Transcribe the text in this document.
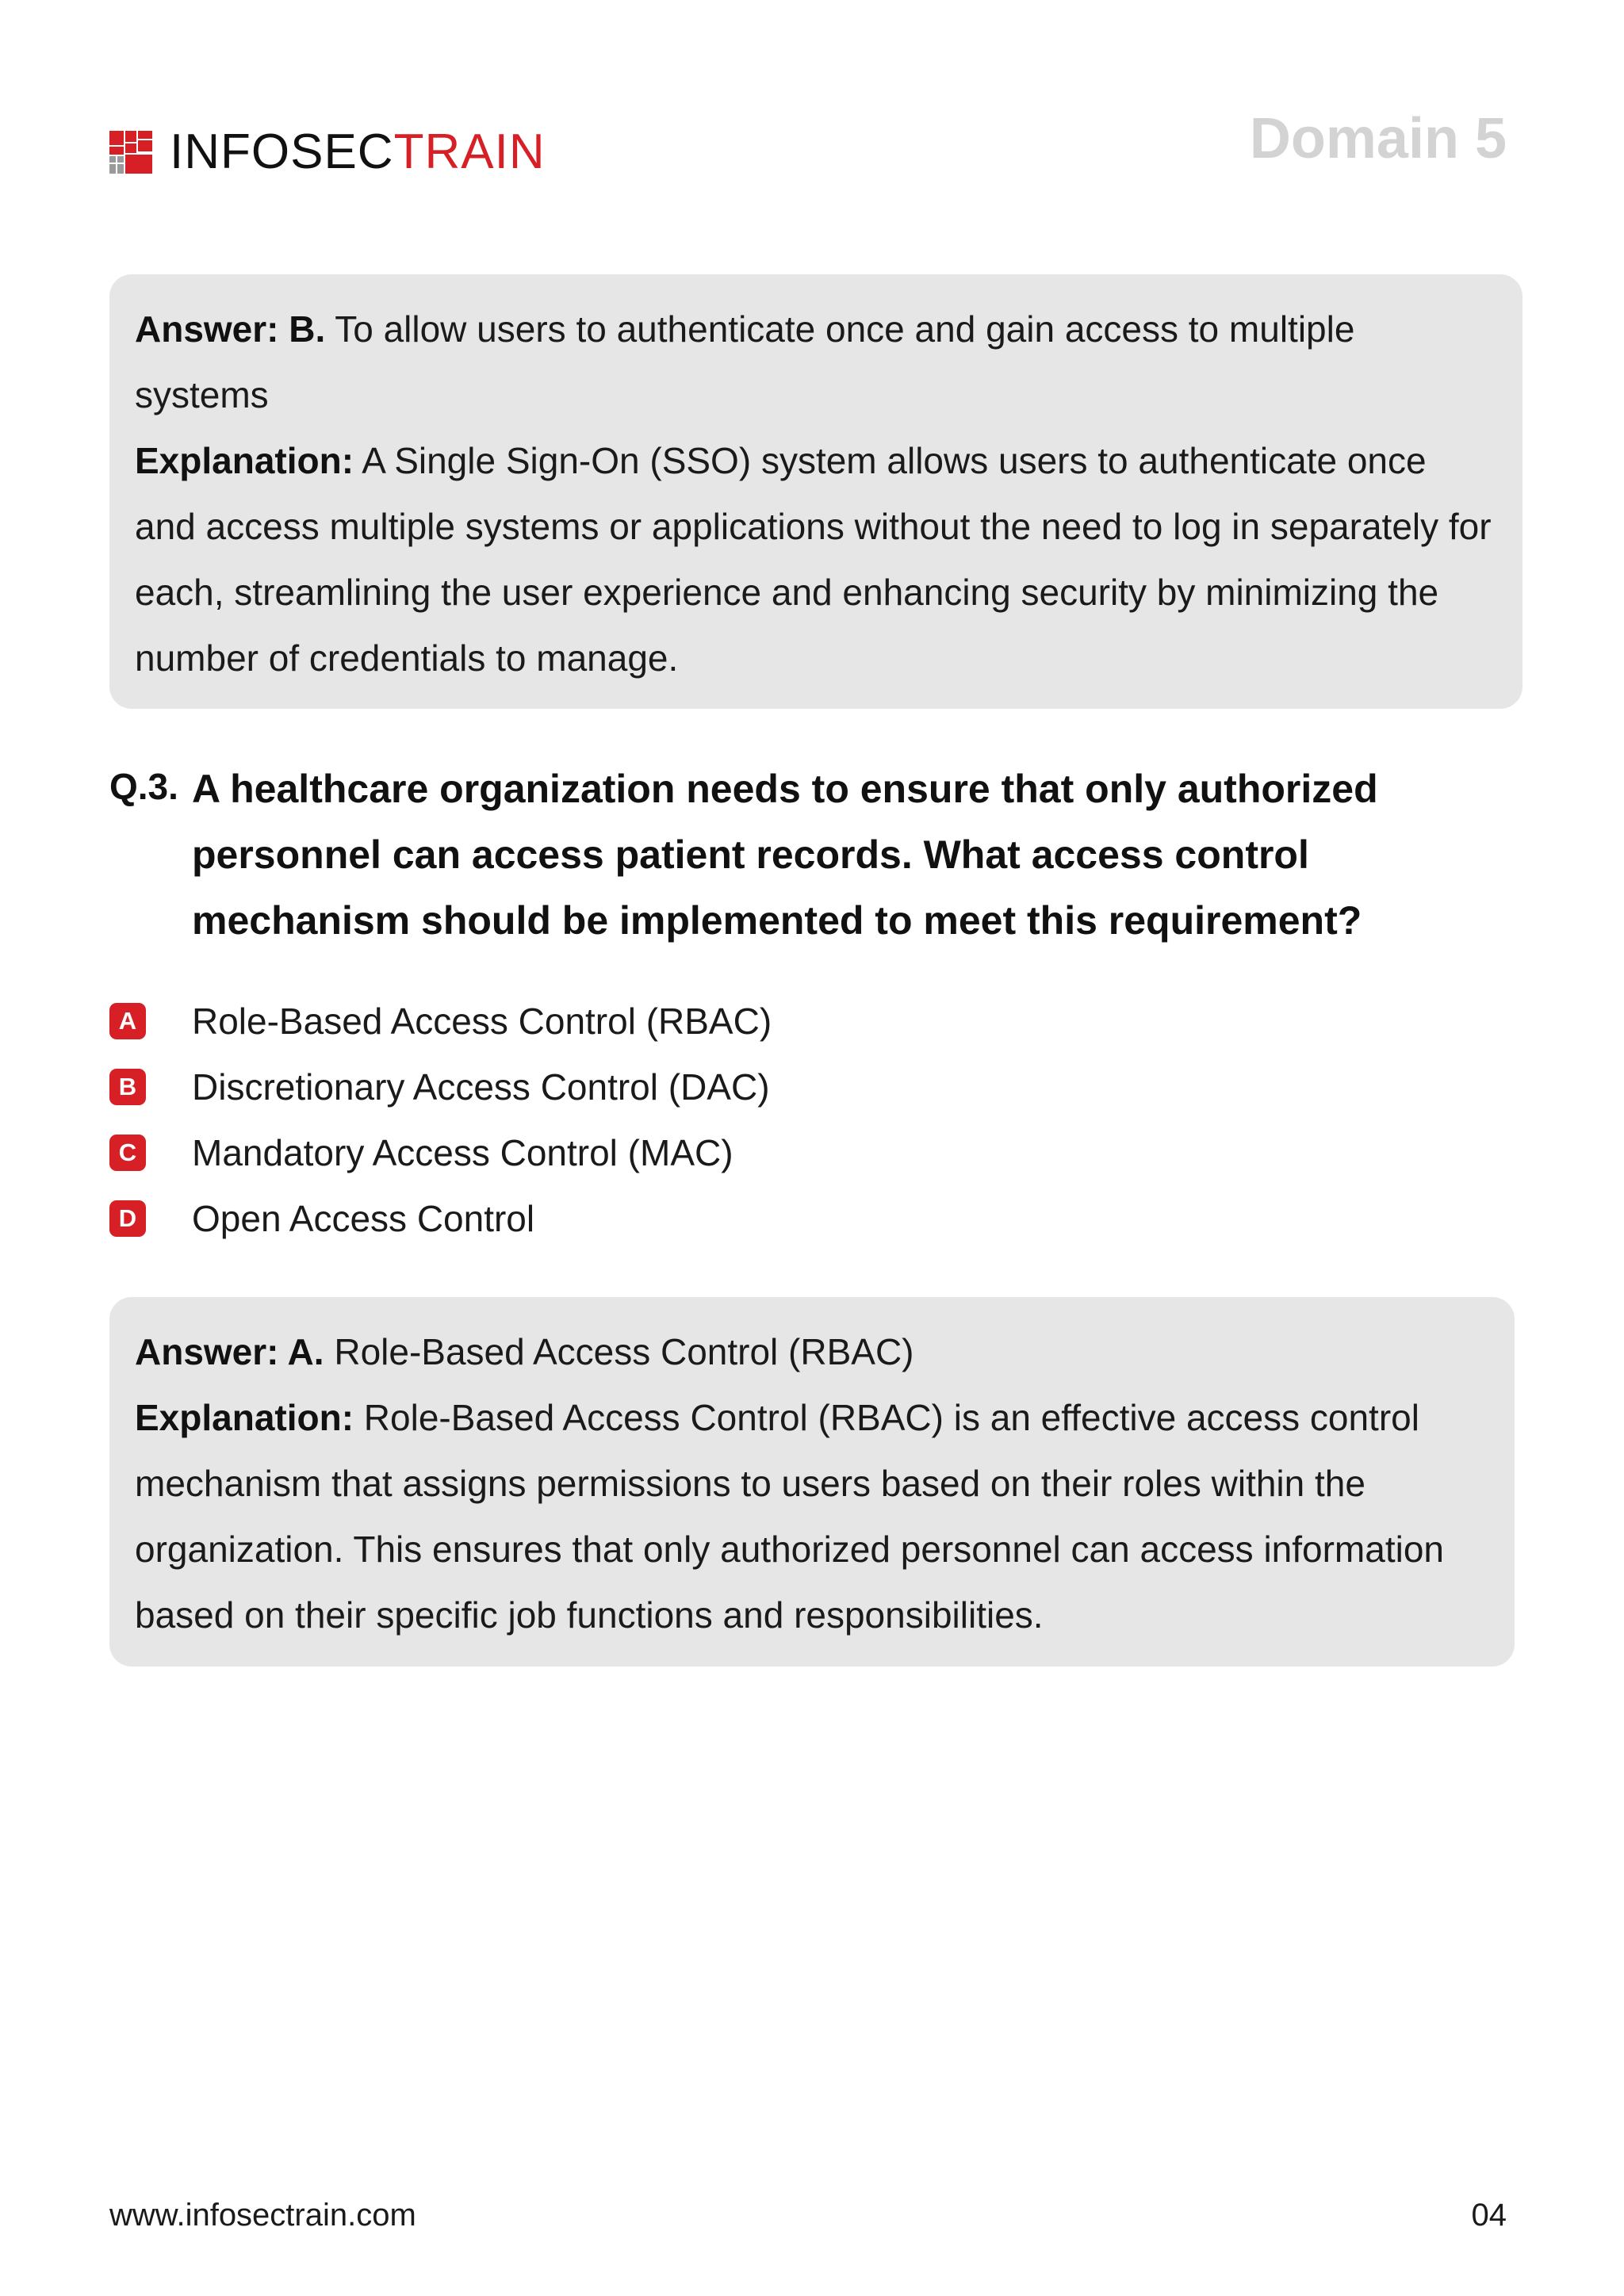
INFOSECTRAIN	Domain 5

Answer: B. To allow users to authenticate once and gain access to multiple systems

Explanation: A Single Sign-On (SSO) system allows users to authenticate once and access multiple systems or applications without the need to log in separately for each, streamlining the user experience and enhancing security by minimizing the number of credentials to manage.

Q.3. A healthcare organization needs to ensure that only authorized personnel can access patient records. What access control mechanism should be implemented to meet this requirement?
A Role-Based Access Control (RBAC)
B Discretionary Access Control (DAC)
C Mandatory Access Control (MAC)
D Open Access Control

Answer: A. Role-Based Access Control (RBAC)

Explanation: Role-Based Access Control (RBAC) is an effective access control mechanism that assigns permissions to users based on their roles within the organization. This ensures that only authorized personnel can access information based on their specific job functions and responsibilities.

www.infosectrain.com	04
